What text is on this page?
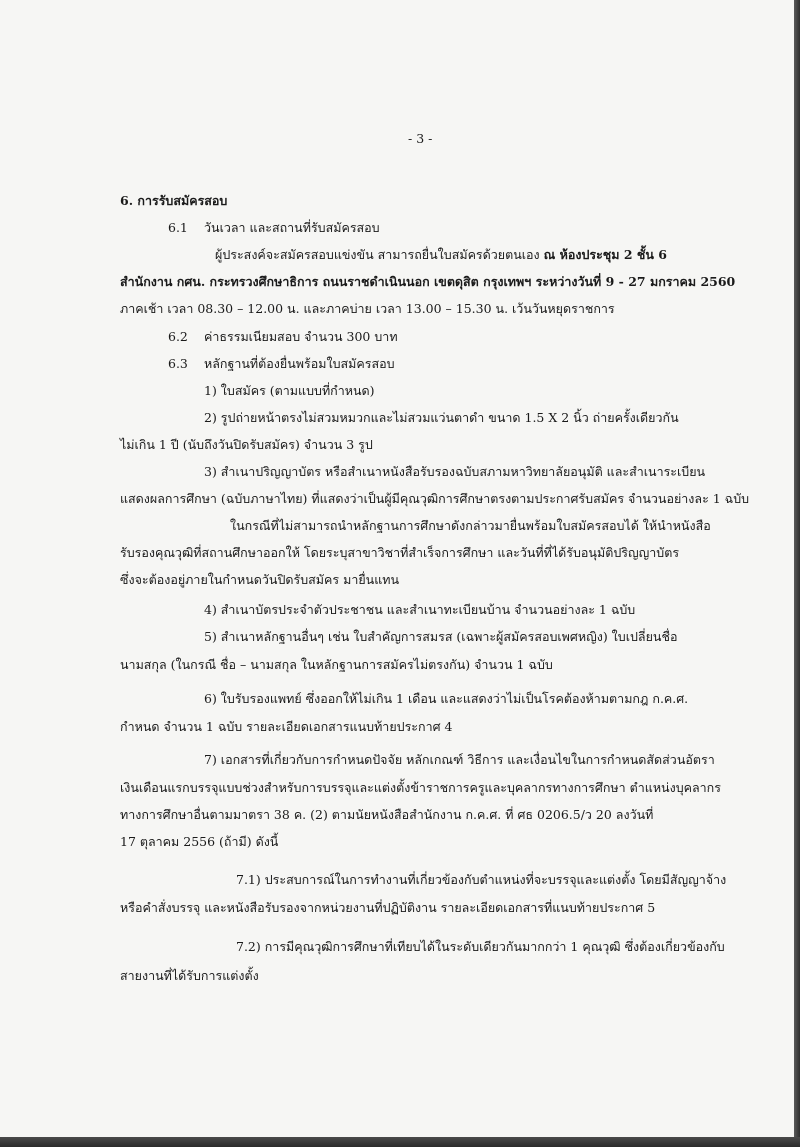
- 3 -
6. การรับสมัครสอบ
6.1 วันเวลา และสถานที่รับสมัครสอบ
ผู้ประสงค์จะสมัครสอบแข่งขัน สามารถยื่นใบสมัครด้วยตนเอง ณ ห้องประชุม 2 ชั้น 6
สำนักงาน กศน. กระทรวงศึกษาธิการ ถนนราชดำเนินนอก เขตดุสิต กรุงเทพฯ ระหว่างวันที่ 9 - 27 มกราคม 2560
ภาคเช้า เวลา 08.30 – 12.00 น. และภาคบ่าย เวลา 13.00 – 15.30 น. เว้นวันหยุดราชการ
6.2 ค่าธรรมเนียมสอบ จำนวน 300 บาท
6.3 หลักฐานที่ต้องยื่นพร้อมใบสมัครสอบ
1) ใบสมัคร (ตามแบบที่กำหนด)
2) รูปถ่ายหน้าตรงไม่สวมหมวกและไม่สวมแว่นตาดำ ขนาด 1.5 X 2 นิ้ว ถ่ายครั้งเดียวกัน
ไม่เกิน 1 ปี (นับถึงวันปิดรับสมัคร) จำนวน 3 รูป
3) สำเนาปริญญาบัตร หรือสำเนาหนังสือรับรองฉบับสภามหาวิทยาลัยอนุมัติ และสำเนาระเบียน
แสดงผลการศึกษา (ฉบับภาษาไทย) ที่แสดงว่าเป็นผู้มีคุณวุฒิการศึกษาตรงตามประกาศรับสมัคร จำนวนอย่างละ 1 ฉบับ
ในกรณีที่ไม่สามารถนำหลักฐานการศึกษาดังกล่าวมายื่นพร้อมใบสมัครสอบได้ ให้นำหนังสือ
รับรองคุณวุฒิที่สถานศึกษาออกให้ โดยระบุสาขาวิชาที่สำเร็จการศึกษา และวันที่ที่ได้รับอนุมัติปริญญาบัตร
ซึ่งจะต้องอยู่ภายในกำหนดวันปิดรับสมัคร มายื่นแทน
4) สำเนาบัตรประจำตัวประชาชน และสำเนาทะเบียนบ้าน จำนวนอย่างละ 1 ฉบับ
5) สำเนาหลักฐานอื่นๆ เช่น ใบสำคัญการสมรส (เฉพาะผู้สมัครสอบเพศหญิง) ใบเปลี่ยนชื่อ
นามสกุล (ในกรณี ชื่อ – นามสกุล ในหลักฐานการสมัครไม่ตรงกัน) จำนวน 1 ฉบับ
6) ใบรับรองแพทย์ ซึ่งออกให้ไม่เกิน 1 เดือน และแสดงว่าไม่เป็นโรคต้องห้ามตามกฎ ก.ค.ศ.
กำหนด จำนวน 1 ฉบับ รายละเอียดเอกสารแนบท้ายประกาศ 4
7) เอกสารที่เกี่ยวกับการกำหนดปัจจัย หลักเกณฑ์ วิธีการ และเงื่อนไขในการกำหนดสัดส่วนอัตรา
เงินเดือนแรกบรรจุแบบช่วงสำหรับการบรรจุและแต่งตั้งข้าราชการครูและบุคลากรทางการศึกษา ตำแหน่งบุคลากร
ทางการศึกษาอื่นตามมาตรา 38 ค. (2) ตามนัยหนังสือสำนักงาน ก.ค.ศ. ที่ ศธ 0206.5/ว 20 ลงวันที่
17 ตุลาคม 2556 (ถ้ามี) ดังนี้
7.1) ประสบการณ์ในการทำงานที่เกี่ยวข้องกับตำแหน่งที่จะบรรจุและแต่งตั้ง โดยมีสัญญาจ้าง
หรือคำสั่งบรรจุ และหนังสือรับรองจากหน่วยงานที่ปฏิบัติงาน รายละเอียดเอกสารที่แนบท้ายประกาศ 5
7.2) การมีคุณวุฒิการศึกษาที่เทียบได้ในระดับเดียวกันมากกว่า 1 คุณวุฒิ ซึ่งต้องเกี่ยวข้องกับ
สายงานที่ได้รับการแต่งตั้ง
